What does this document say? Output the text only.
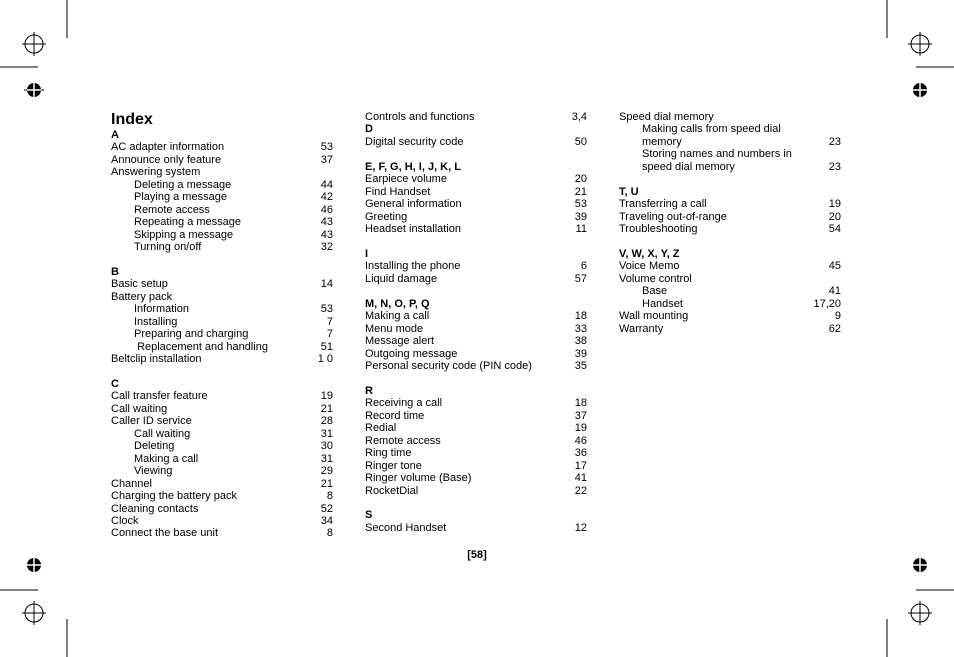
Index
A
AC adapter information	53
Announce only feature	37
Answering system
Deleting a message	44
Playing a message	42
Remote access	46
Repeating a message	43
Skipping a message	43
Turning on/off	32
B
Basic setup	14
Battery pack
Information	53
Installing	7
Preparing and charging	7
Replacement and handling	51
Beltclip installation	1 0
C
Call transfer feature	19
Call waiting	21
Caller ID service	28
Call waiting	31
Deleting	30
Making a call	31
Viewing	29
Channel	21
Charging the battery pack	8
Cleaning contacts	52
Clock	34
Connect the base unit	8
Controls and functions	3,4
D
Digital security code	50
E, F, G, H, I, J, K, L
Earpiece volume	20
Find Handset	21
General information	53
Greeting	39
Headset installation	11
I
Installing the phone	6
Liquid damage	57
M, N, O, P, Q
Making a call	18
Menu mode	33
Message alert	38
Outgoing message	39
Personal security code (PIN code)	35
R
Receiving a call	18
Record time	37
Redial	19
Remote access	46
Ring time	36
Ringer tone	17
Ringer volume (Base)	41
RocketDial	22
S
Second Handset	12
Speed dial memory
Making calls from speed dial memory	23
Storing names and numbers in speed dial memory	23
T, U
Transferring a call	19
Traveling out-of-range	20
Troubleshooting	54
V, W, X, Y, Z
Voice Memo	45
Volume control
Base	41
Handset	17,20
Wall mounting	9
Warranty	62
[58]
